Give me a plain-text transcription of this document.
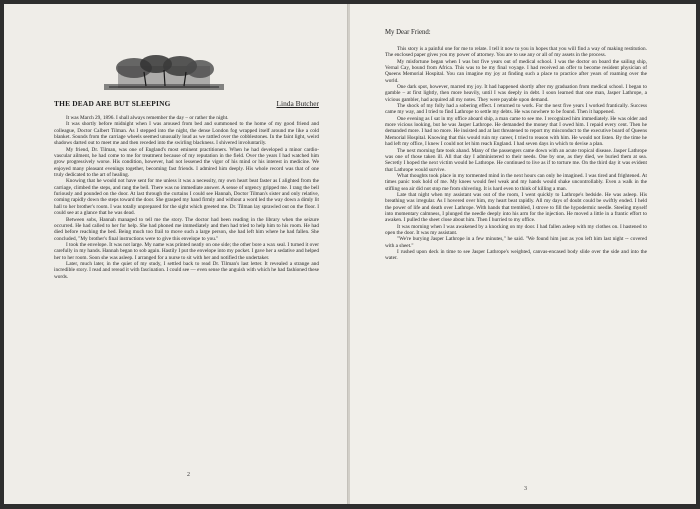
THE DEAD ARE BUT SLEEPING	Linda Butcher

It was March 29, 1896. I shall always remember the day – or rather the night.

It was shortly before midnight when I was aroused from bed and summoned to the home of my good friend and colleague, Doctor Calbert Tilman. As I stepped into the night, the dense London fog wrapped itself around me like a cold blanket. Sounds from the carriage wheels seemed unusually loud as we rattled over the cobblestones. In the faint light, weird shadows darted out to meet me and then receded into the swirling blackness. I shivered involuntarily.

My friend, Dr. Tilman, was one of England's most eminent practitioners. When he had developed a minor cardio-vascular ailment, he had come to me for treatment because of my reputation in the field. Over the years I had watched him grow progressively worse. His condition, however, had not lessened the vigor of his mind or his interest in medicine. We enjoyed many pleasant evenings together, becoming fast friends. I admired him deeply. His whole record was that of one truly dedicated to the art of healing.

Knowing that he would not have sent for me unless it was a necessity, my own heart beat faster as I alighted from the carriage, climbed the steps, and rang the bell. There was no immediate answer. A sense of urgency gripped me. I rang the bell furiously and pounded on the door. At last through the curtains I could see Hannah, Doctor Tilman's sister and only relative, coming rapidly down the steps toward the door. She grasped my hand firmly and without a word led the way down a dimly lit hall to her brother's room. I was totally unprepared for the sight which greeted me. Dr. Tilman lay sprawled out on the floor. I could see at a glance that he was dead.

Between sobs, Hannah managed to tell me the story. The doctor had been reading in the library when the seizure occurred. He had called to her for help. She had phoned me immediately and then had tried to help him to his room. He had died before reaching the bed. Being much too frail to move such a large person, she had left him where he had fallen. She concluded, "My brother's final instructions were to give this envelope to you."

I took the envelope. It was not large. My name was printed neatly on one side; the other bore a wax seal. I turned it over carefully in my hands. Hannah began to sob again. Hastily I put the envelope into my pocket. I gave her a sedative and helped her to her room. Soon she was asleep. I arranged for a nurse to sit with her and notified the undertaker.

Later, much later, in the quiet of my study, I settled back to read Dr. Tilman's last letter. It revealed a strange and incredible story. I read and reread it with fascination. I could see — even sense the anguish with which he had fashioned these words.

2
My Dear Friend:

This story is a painful one for me to relate. I tell it now to you in hopes that you will find a way of making restitution. The enclosed paper gives you my power of attorney. You are to use any or all of my assets in the process.

My misfortune began when I was but five years out of medical school. I was the doctor on board the sailing ship, Vernal Cay, bound from Africa. This was to be my final voyage. I had received an offer to become resident physician of Queens Memorial Hospital. You can imagine my joy at finding such a place to practice after years of roaming over the world.

One dark spot, however, marred my joy. It had happened shortly after my graduation from medical school. I began to gamble – at first lightly, then more heavily, until I was deeply in debt. I soon learned that one man, Jasper Lathrope, a vicious gambler, had acquired all my notes. They were payable upon demand.

The shock of my folly had a sobering effect. I returned to work. For the next five years I worked frantically. Success came my way, and I tried to find Lathrope to settle my debts. He was nowhere to be found. Then it happened.

One evening as I sat in my office aboard ship, a man came to see me. I recognized him immediately. He was older and more vicious looking, but he was Jasper Lathrope. He demanded the money that I owed him. I repaid every cent. Then he demanded more. I had no more. He insisted and at last threatened to report my misconduct to the executive board of Queens Memorial Hospital. Knowing that this would ruin my career, I tried to reason with him. He would not listen. By the time he had left my office, I knew I could not let him reach England. I had seven days in which to devise a plan.

The next morning fate took ahand. Many of the passengers came down with an acute tropical disease. Jasper Lathrope was one of those taken ill. All that day I administered to their needs. One by one, as they died, we buried them at sea. Secretly I hoped the next victim would be Lathrope. He continued to live as if to torture me. On the third day it was evident that Lathrope would survive.

What thoughts took place in my tormented mind in the next hours can only be imagined. I was tired and frightened. At times panic took hold of me. My knees would feel weak and my hands would shake uncontrollably. Even a walk in the stifling sea air did not stop me from shivering. It is hard even to think of killing a man.

Late that night when my assistant was out of the room, I went quickly to Lathrope's bedside. He was asleep. His breathing was irregular. As I hovered over him, my heart beat rapidly. All my days of doubt could be swiftly ended. I held the power of life and death over Lathrope. With hands that trembled, I strove to fill the hypodermic needle. Steeling myself into momentary calmness, I plunged the needle deeply into his arm for the injection. He moved a little in a frantic effort to awaken. I pulled the sheet close about him. Then I hurried to my office.

It was morning when I was awakened by a knocking on my door. I had fallen asleep with my clothes on. I hastened to open the door. It was my assistant.

"We're burying Jasper Lathrope in a few minutes," he said. "We found him just as you left him last night -- covered with a sheet."

I rushed upon deck in time to see Jasper Lathrope's weighted, canvas-encased body slide over the side and into the water.

3
